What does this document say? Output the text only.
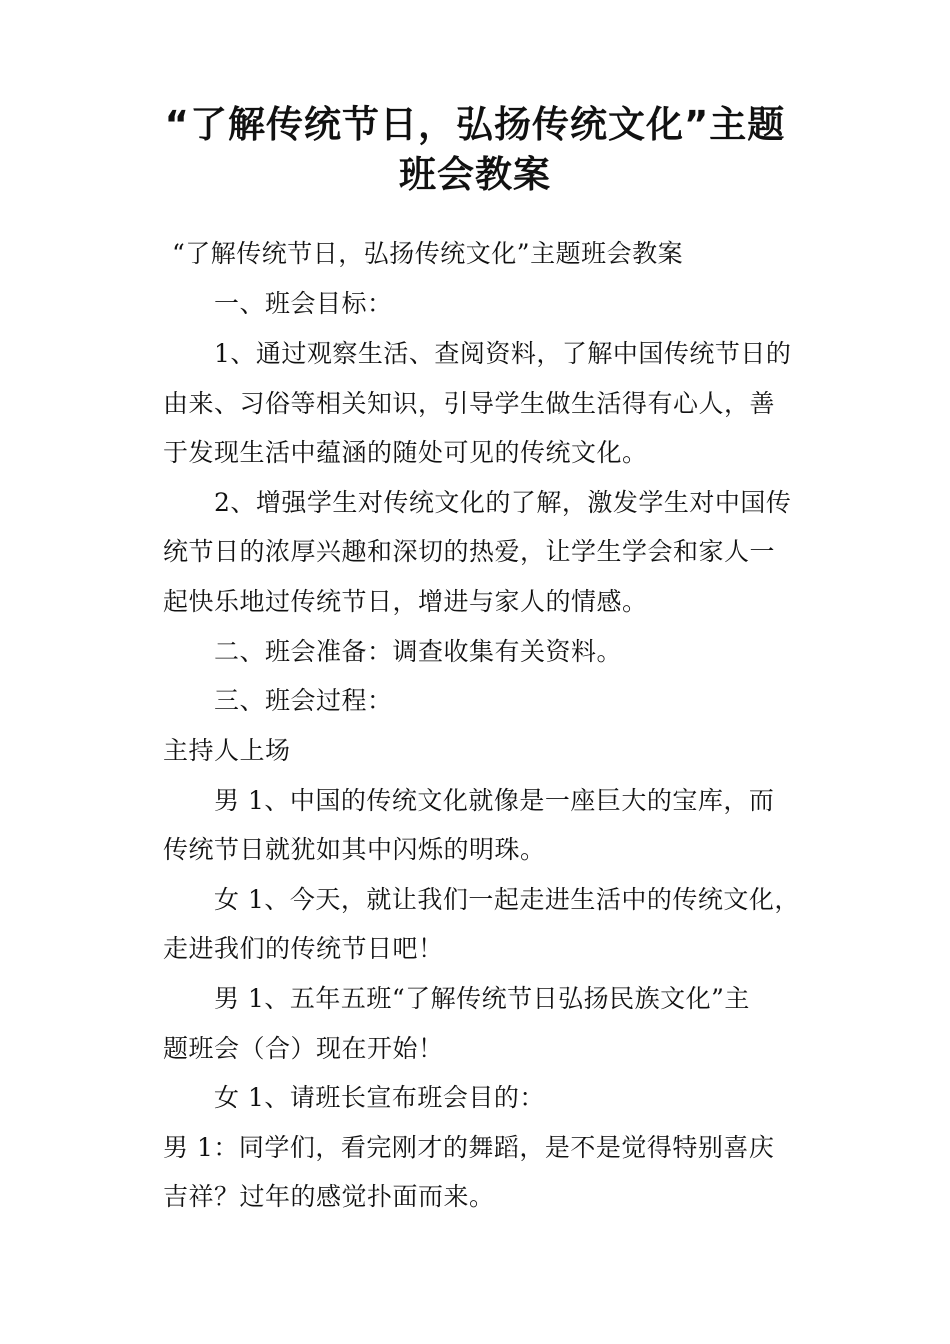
“了解传统节日，弘扬传统文化”主题
班会教案
“了解传统节日，弘扬传统文化”主题班会教案
一、班会目标：
1、通过观察生活、查阅资料，了解中国传统节日的
由来、习俗等相关知识，引导学生做生活得有心人，善
于发现生活中蕴涵的随处可见的传统文化。
2、增强学生对传统文化的了解，激发学生对中国传
统节日的浓厚兴趣和深切的热爱，让学生学会和家人一
起快乐地过传统节日，增进与家人的情感。
二、班会准备：调查收集有关资料。
三、班会过程：
主持人上场
男 1、中国的传统文化就像是一座巨大的宝库，而
传统节日就犹如其中闪烁的明珠。
女 1、今天，就让我们一起走进生活中的传统文化，
走进我们的传统节日吧！
男 1、五年五班“了解传统节日弘扬民族文化”主
题班会（合）现在开始！
女 1、请班长宣布班会目的：
男 1：同学们，看完刚才的舞蹈，是不是觉得特别喜庆
吉祥？过年的感觉扑面而来。
